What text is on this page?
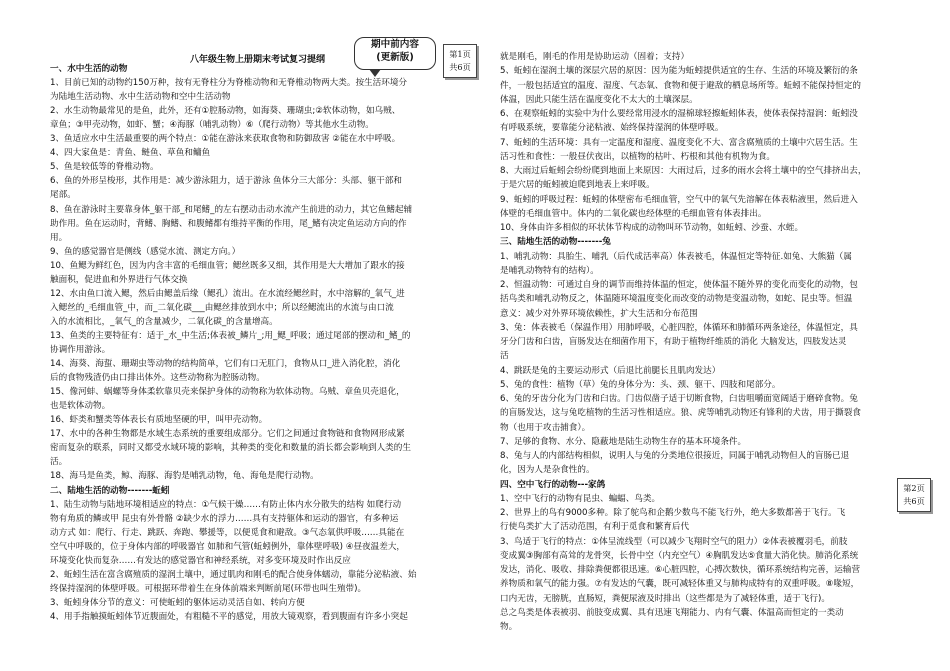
一、水中生活的动物
1、目前已知的动物约150万种，按有无脊柱分为脊椎动物和无脊椎动物两大类。按生活环境分
为陆地生活动物、水中生活动物和空中生活动物
2、水生动物最常见的是鱼，此外，还有①腔肠动物，如海葵、珊瑚虫;②软体动物，如乌贼、
章鱼；③甲壳动物，如虾、蟹；④海豚（哺乳动物）⑥（爬行动物）等其他水生动物。
3、鱼适应水中生活最重要的两个特点：①能在游泳来获取食物和防御敌害 ②能在水中呼吸。
4、四大家鱼是：青鱼、鲢鱼、草鱼和鳙鱼
5、鱼是较低等的脊椎动物。
6、鱼的外形呈梭形，其作用是：减少游泳阻力，适于游泳 鱼体分三大部分：头部、躯干部和
尾部。
8、鱼在游泳时主要靠身体_躯干部_和尾鳍_的左右摆动击动水流产生前进的动力，其它鱼鳍起辅
助作用。鱼在运动时，背鳍、胸鳍、和腹鳍都有维持平衡的作用，尾_鳍有决定鱼运动方向的作
用。
9、鱼的感觉器官是侧线（感觉水流、测定方向。）
10、鱼鳃为鲜红色，因为内含丰富的毛细血管；鳃丝既多又细，其作用是大大增加了跟水的接
触面积，促进血和外界进行气体交换
12、水由鱼口流入鳃，然后由鳃盖后缘（鳃孔）流出。在水流经鳃丝时，水中溶解的_氧气_进
入鳃丝的_毛细血管_中，而_二氧化碳___由鳃丝排放到水中；所以经鳃流出的水流与由口流
入的水流相比，_氧气_的含量减少，二氧化碳_的含量增高。
13、鱼类的主要特征有：适于_水_中生活;体表被_鳞片_;用_鳃_呼吸；通过尾部的摆动和_鳍_的
协调作用游泳。
14、海葵、海蜇、珊瑚虫等动物的结构简单，它们有口无肛门，食物从口_进入消化腔，消化
后的食物残渣仍由口排出体外。这些动物称为腔肠动物。
15、像河蚌、蜗螺等身体柔软靠贝壳来保护身体的动物称为软体动物。乌贼、章鱼贝壳退化，
也是软体动物。
16、虾类和蟹类等体表长有质地坚硬的甲，叫甲壳动物。
17、水中的各种生物都是水域生态系统的重要组成部分。它们之间通过食物链和食物网形成紧
密而复杂的联系，同时又都受水域环境的影响，其种类的变化和数量的消长都会影响到人类的生
活。
18、海马是鱼类，鲸、海豚、海豹是哺乳动物，龟、海龟是爬行动物。
二、陆地生活的动物-------蚯蚓
1、陆生动物与陆地环境相适应的特点：①气候干燥……有防止体内水分散失的结构 如爬行动
物有角质的鳞或甲 昆虫有外骨骼 ②缺少水的浮力……具有支持躯体和运动的器官，有多种运
动方式 如：爬行、行走、跳跃、奔跑、攀援等，以便觅食和避敌。③气态氧供呼吸……具能在
空气中呼吸的，位于身体内部的呼吸器官 如肺和气管(蚯蚓例外，靠体壁呼吸) ④昼夜温差大，
环境变化快而复杂……有发达的感觉器官和神经系统，对多变环境及时作出反应
2、蚯蚓生活在富含腐殖质的湿润土壤中，通过肌肉和刚毛的配合使身体蠕动，靠能分泌粘液、始
终保持湿润的体壁呼吸。可根据环带着生在身体前端来判断前尾(环带也叫生殖带)。
3、蚯蚓身体分节的意义：可使蚯蚓的躯体运动灵活自如、转向方便
4、用手指触摸蚯蚓体节近腹面处，有粗糙不平的感觉，用放大镜观察，看到腹面有许多小突起
就是刚毛，刚毛的作用是协助运动（固着；支持）
5、蚯蚓在湿润土壤的深层穴居的原因：因为能为蚯蚓提供适宜的生存、生活的环境及繁衍的条
件，一般包括适宜的温度、湿度、气态氧、食物和便于避敌的栖息场所等。蚯蚓不能保持恒定的
体温，因此只能生活在温度变化不太大的土壤深层。
6、在观察蚯蚓的实验中为什么要经常用浸水的湿棉球轻擦蚯蚓体表，使体表保持湿润：蚯蚓没
有呼吸系统，要靠能分泌粘液、始终保持湿润的体壁呼吸。
7、蚯蚓的生活环境：具有一定温度和湿度、温度变化不大、富含腐殖质的土壤中穴居生活。生
活习性和食性：一般昼伏夜出，以植物的枯叶、朽根和其他有机物为食。
8、大雨过后蚯蚓会纷纷爬到地面上来原因：大雨过后，过多的雨水会将土壤中的空气排挤出去，
于是穴居的蚯蚓被迫爬到地表上来呼吸。
9、蚯蚓的呼吸过程：蚯蚓的体壁密布毛细血管，空气中的氧气先溶解在体表粘液里，然后进入
体壁的毛细血管中。体内的二氧化碳也经体壁的毛细血管有体表排出。
10、身体由许多相似的环状体节构成的动物叫环节动物，如蚯蚓、沙蚕、水蛭。
三、陆地生活的动物-------兔
1、哺乳动物：具胎生、哺乳（后代成活率高）体表被毛，体温恒定等特征.如兔、大熊猫（属
是哺乳动物特有的结构）。
2、恒温动物：可通过自身的调节而维持体温的恒定，使体温不随外界的变化而变化的动物，包
括鸟类和哺乳动物反之，体温随环境温度变化而改变的动物是变温动物，如蛇、昆虫等。恒温
意义：减少对外界环境依赖性，扩大生活和分布范围
3、兔：体表被毛（保温作用）用肺呼吸，心脏四腔，体循环和肺循环两条途径，体温恒定，具
牙分门齿和臼齿，盲肠发达在细菌作用下，有助于植物纤维质的消化 大脑发达，四肢发达灵
活
4、跳跃是兔的主要运动形式（后退比前腿长且肌肉发达）
5、兔的食性：植物（草）兔的身体分为：头、颈、躯干、四肢和尾部分。
6、兔的牙齿分化为门齿和臼齿。门齿似凿子适于切断食物，臼齿咀嚼面宽阔适于磨碎食物。兔
的盲肠发达，这与兔吃植物的生活习性相适应。狼、虎等哺乳动物还有锋利的犬齿，用于撕裂食
物（也用于攻击捕食）。
7、足够的食物、水分、隐蔽地是陆生动物生存的基本环境条件。
8、兔与人的内部结构相似，说明人与兔的分类地位很接近，同属于哺乳动物但人的盲肠已退
化，因为人是杂食性的。
四、空中飞行的动物---家鸽
1、空中飞行的动物有昆虫、蝙蝠、鸟类。
2、世界上的鸟有9000多种。除了鸵鸟和企鹅少数鸟不能飞行外，绝大多数都善于飞行。飞
行使鸟类扩大了活动范围，有利于觅食和繁育后代
3、鸟适于飞行的特点：①体呈流线型（可以减少飞翔时空气的阻力）②体表被覆羽毛，前肢
变成翼③胸部有高耸的龙骨突，长骨中空（内充空气）④胸肌发达⑤食量大消化快。肺消化系统
发达，消化、吸收、排除粪便都很迅速。⑥心脏四腔，心搏次数快，循环系统结构完善，运输营
养物质和氧气的能力强。⑦有发达的气囊，既可减轻体重又与肺构成特有的双重呼吸。⑧喙短，
口内无齿，无膀胱，直肠短，粪便尿液及时排出（这些都是为了减轻体重，适于飞行)。
总之鸟类是体表被羽、前肢变成翼、具有迅速飞翔能力、内有气囊、体温高而恒定的一类动
物。
八年级生物上册期末考试复习提纲
期中前内容
(更新版)	第1页
共6页
第2页
共6页
